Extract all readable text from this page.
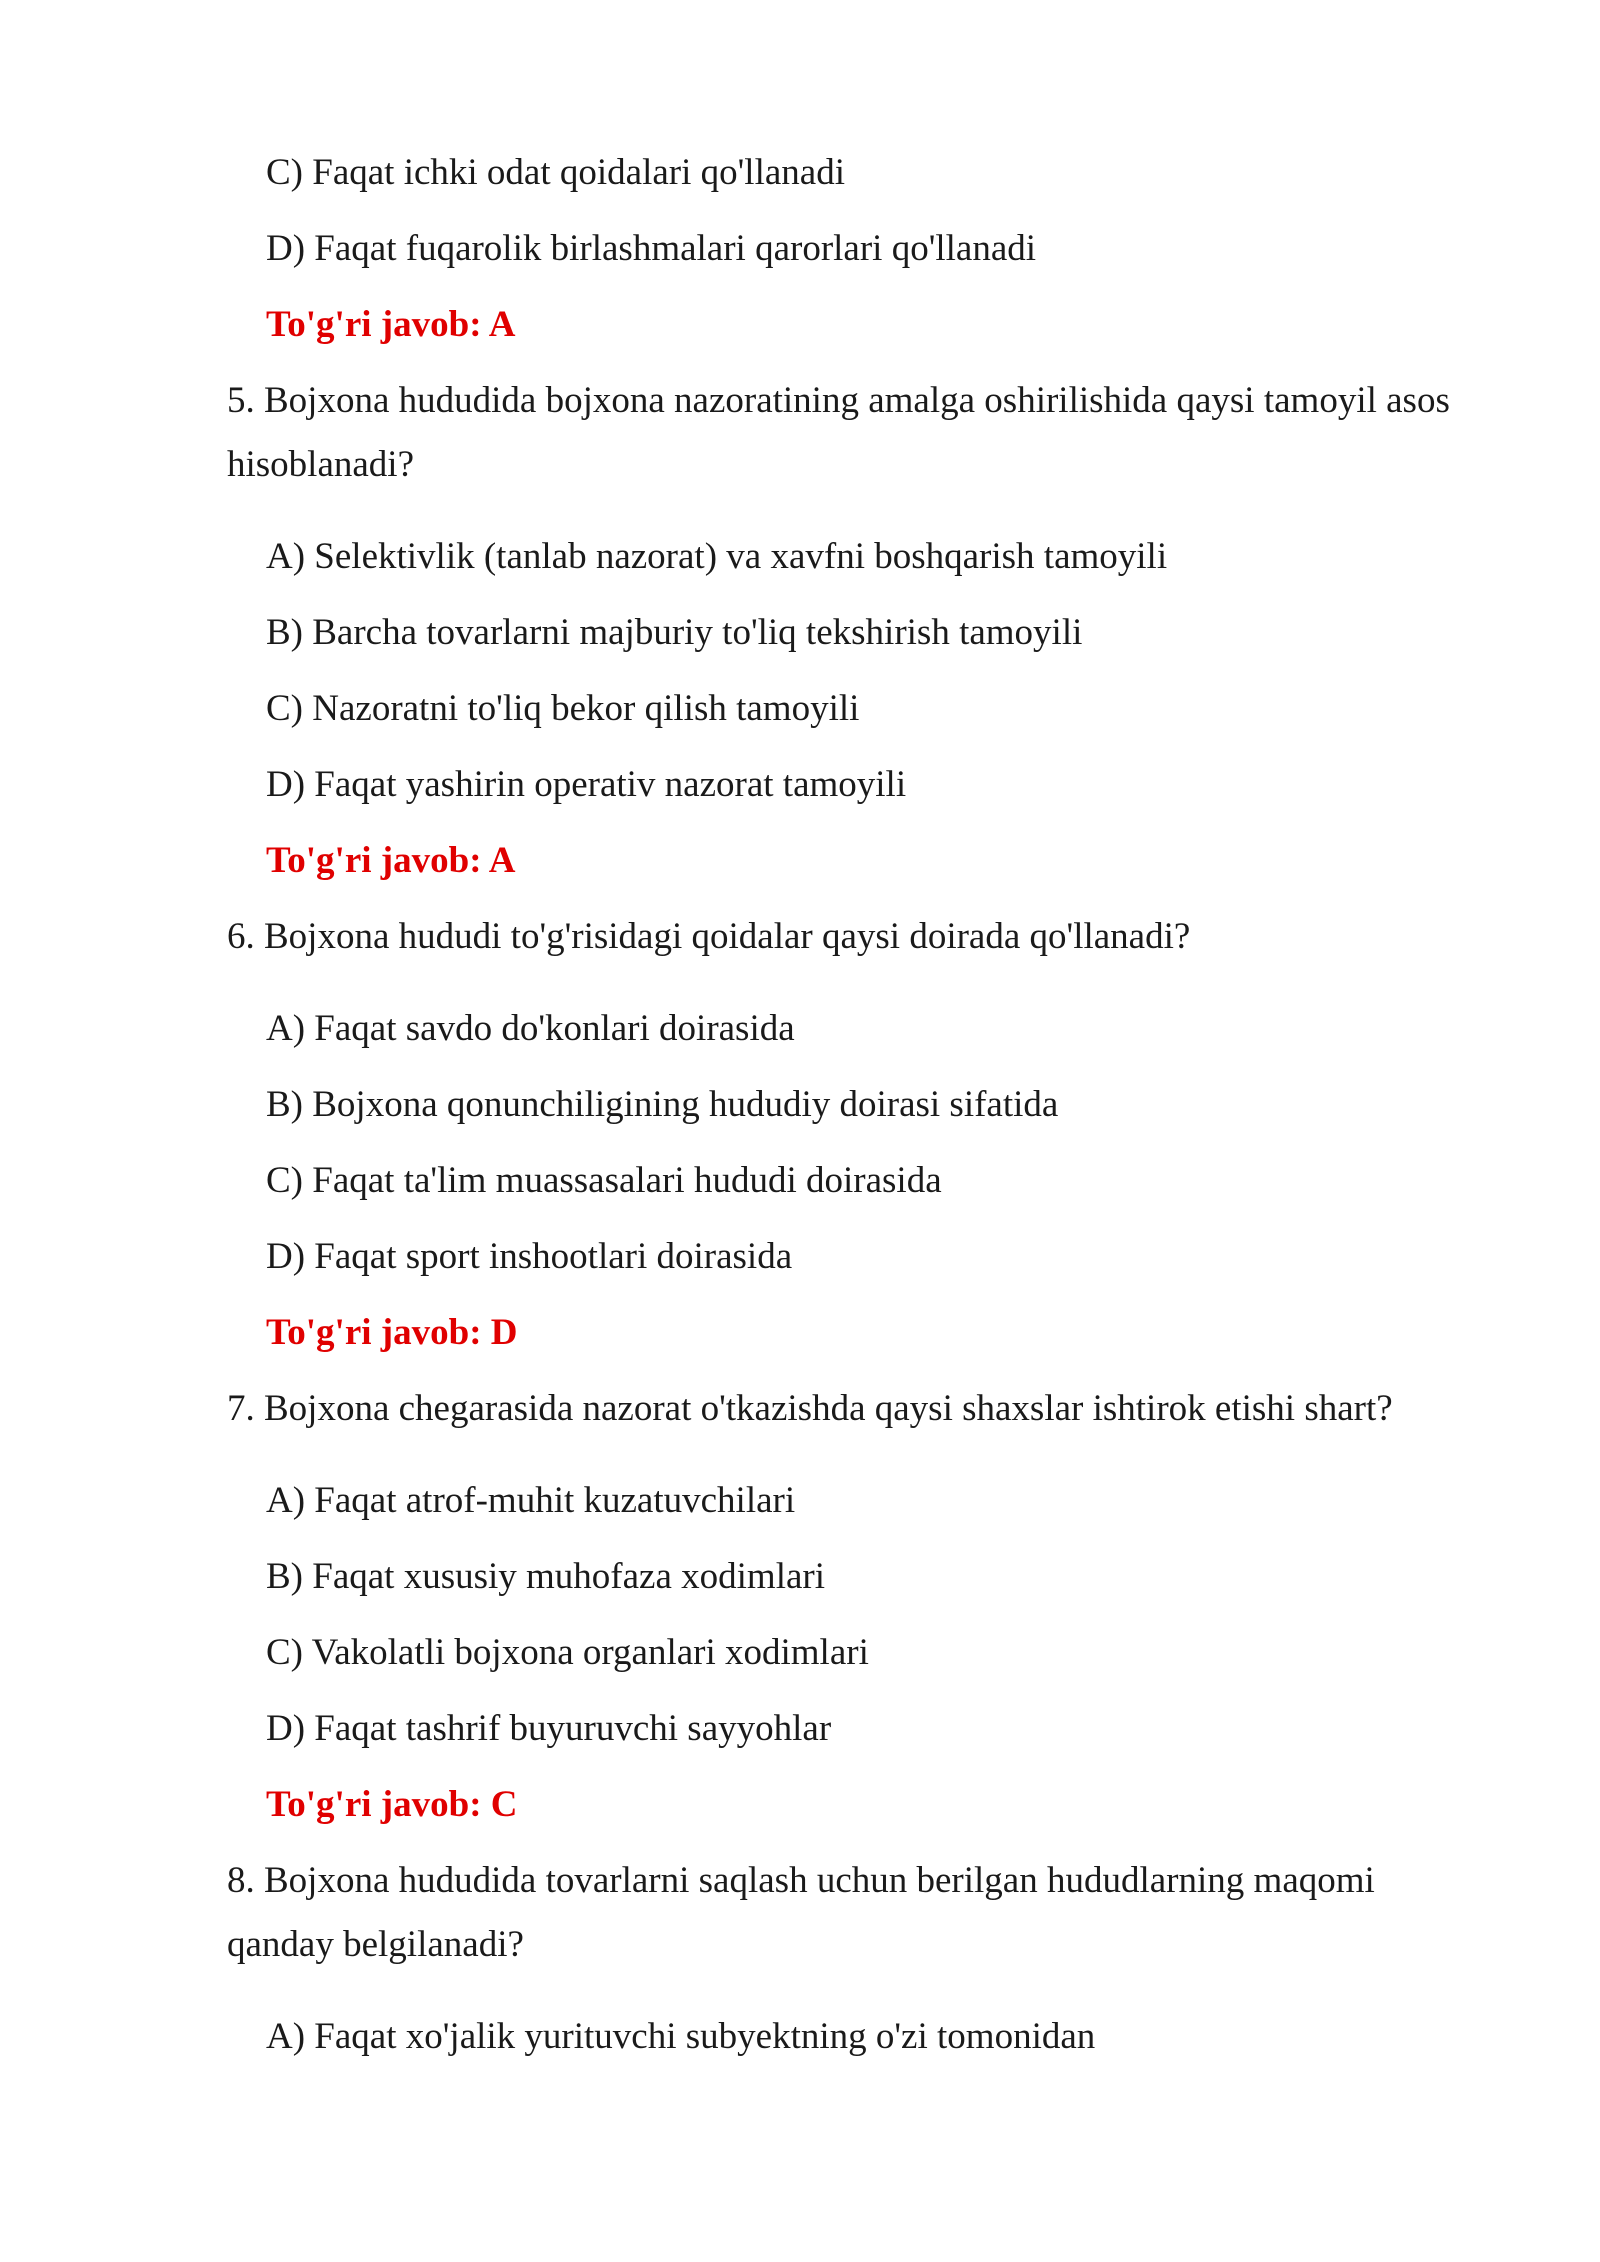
C) Faqat ichki odat qoidalari qo'llanadi
D) Faqat fuqarolik birlashmalari qarorlari qo'llanadi
To'g'ri javob: A
5. Bojxona hududida bojxona nazoratining amalga oshirilishida qaysi tamoyil asos
hisoblanadi?
A) Selektivlik (tanlab nazorat) va xavfni boshqarish tamoyili
B) Barcha tovarlarni majburiy to'liq tekshirish tamoyili
C) Nazoratni to'liq bekor qilish tamoyili
D) Faqat yashirin operativ nazorat tamoyili
To'g'ri javob: A
6. Bojxona hududi to'g'risidagi qoidalar qaysi doirada qo'llanadi?
A) Faqat savdo do'konlari doirasida
B) Bojxona qonunchiligining hududiy doirasi sifatida
C) Faqat ta'lim muassasalari hududi doirasida
D) Faqat sport inshootlari doirasida
To'g'ri javob: D
7. Bojxona chegarasida nazorat o'tkazishda qaysi shaxslar ishtirok etishi shart?
A) Faqat atrof-muhit kuzatuvchilari
B) Faqat xususiy muhofaza xodimlari
C) Vakolatli bojxona organlari xodimlari
D) Faqat tashrif buyuruvchi sayyohlar
To'g'ri javob: C
8. Bojxona hududida tovarlarni saqlash uchun berilgan hududlarning maqomi
qanday belgilanadi?
A) Faqat xo'jalik yurituvchi subyektning o'zi tomonidan
